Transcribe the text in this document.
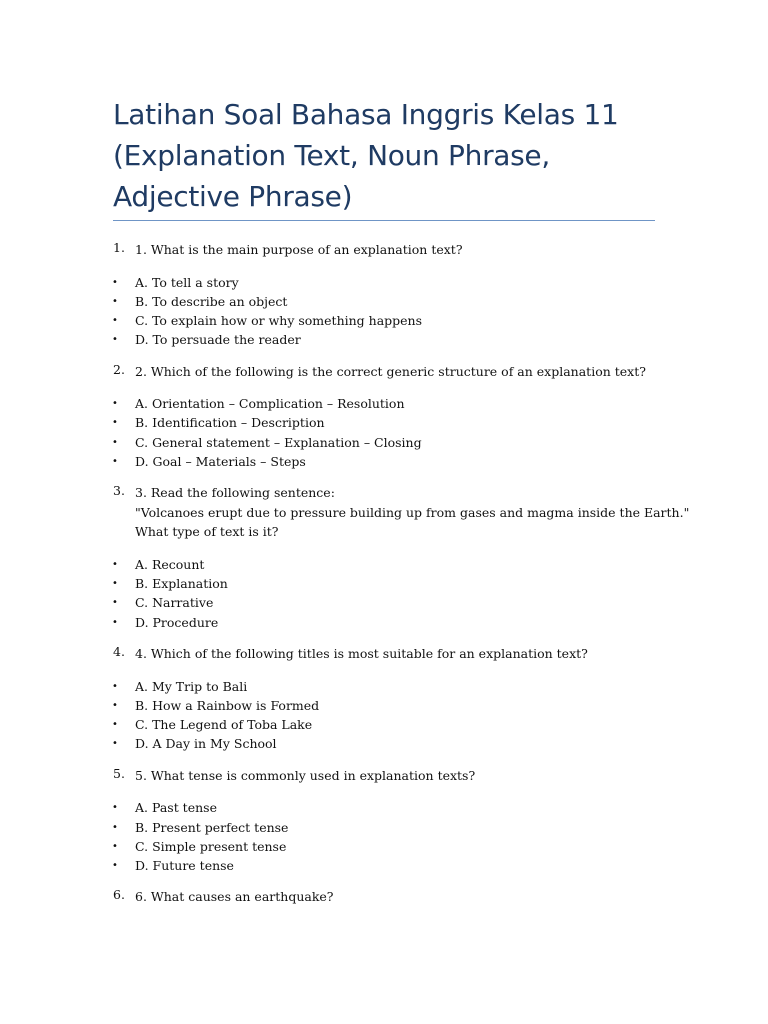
Latihan Soal Bahasa Inggris Kelas 11 (Explanation Text, Noun Phrase, Adjective Phrase)
1. 1. What is the main purpose of an explanation text?
• A. To tell a story
• B. To describe an object
• C. To explain how or why something happens
• D. To persuade the reader
2. 2. Which of the following is the correct generic structure of an explanation text?
• A. Orientation – Complication – Resolution
• B. Identification – Description
• C. General statement – Explanation – Closing
• D. Goal – Materials – Steps
3. 3. Read the following sentence:
"Volcanoes erupt due to pressure building up from gases and magma inside the Earth."
What type of text is it?
• A. Recount
• B. Explanation
• C. Narrative
• D. Procedure
4. 4. Which of the following titles is most suitable for an explanation text?
• A. My Trip to Bali
• B. How a Rainbow is Formed
• C. The Legend of Toba Lake
• D. A Day in My School
5. 5. What tense is commonly used in explanation texts?
• A. Past tense
• B. Present perfect tense
• C. Simple present tense
• D. Future tense
6. 6. What causes an earthquake?
